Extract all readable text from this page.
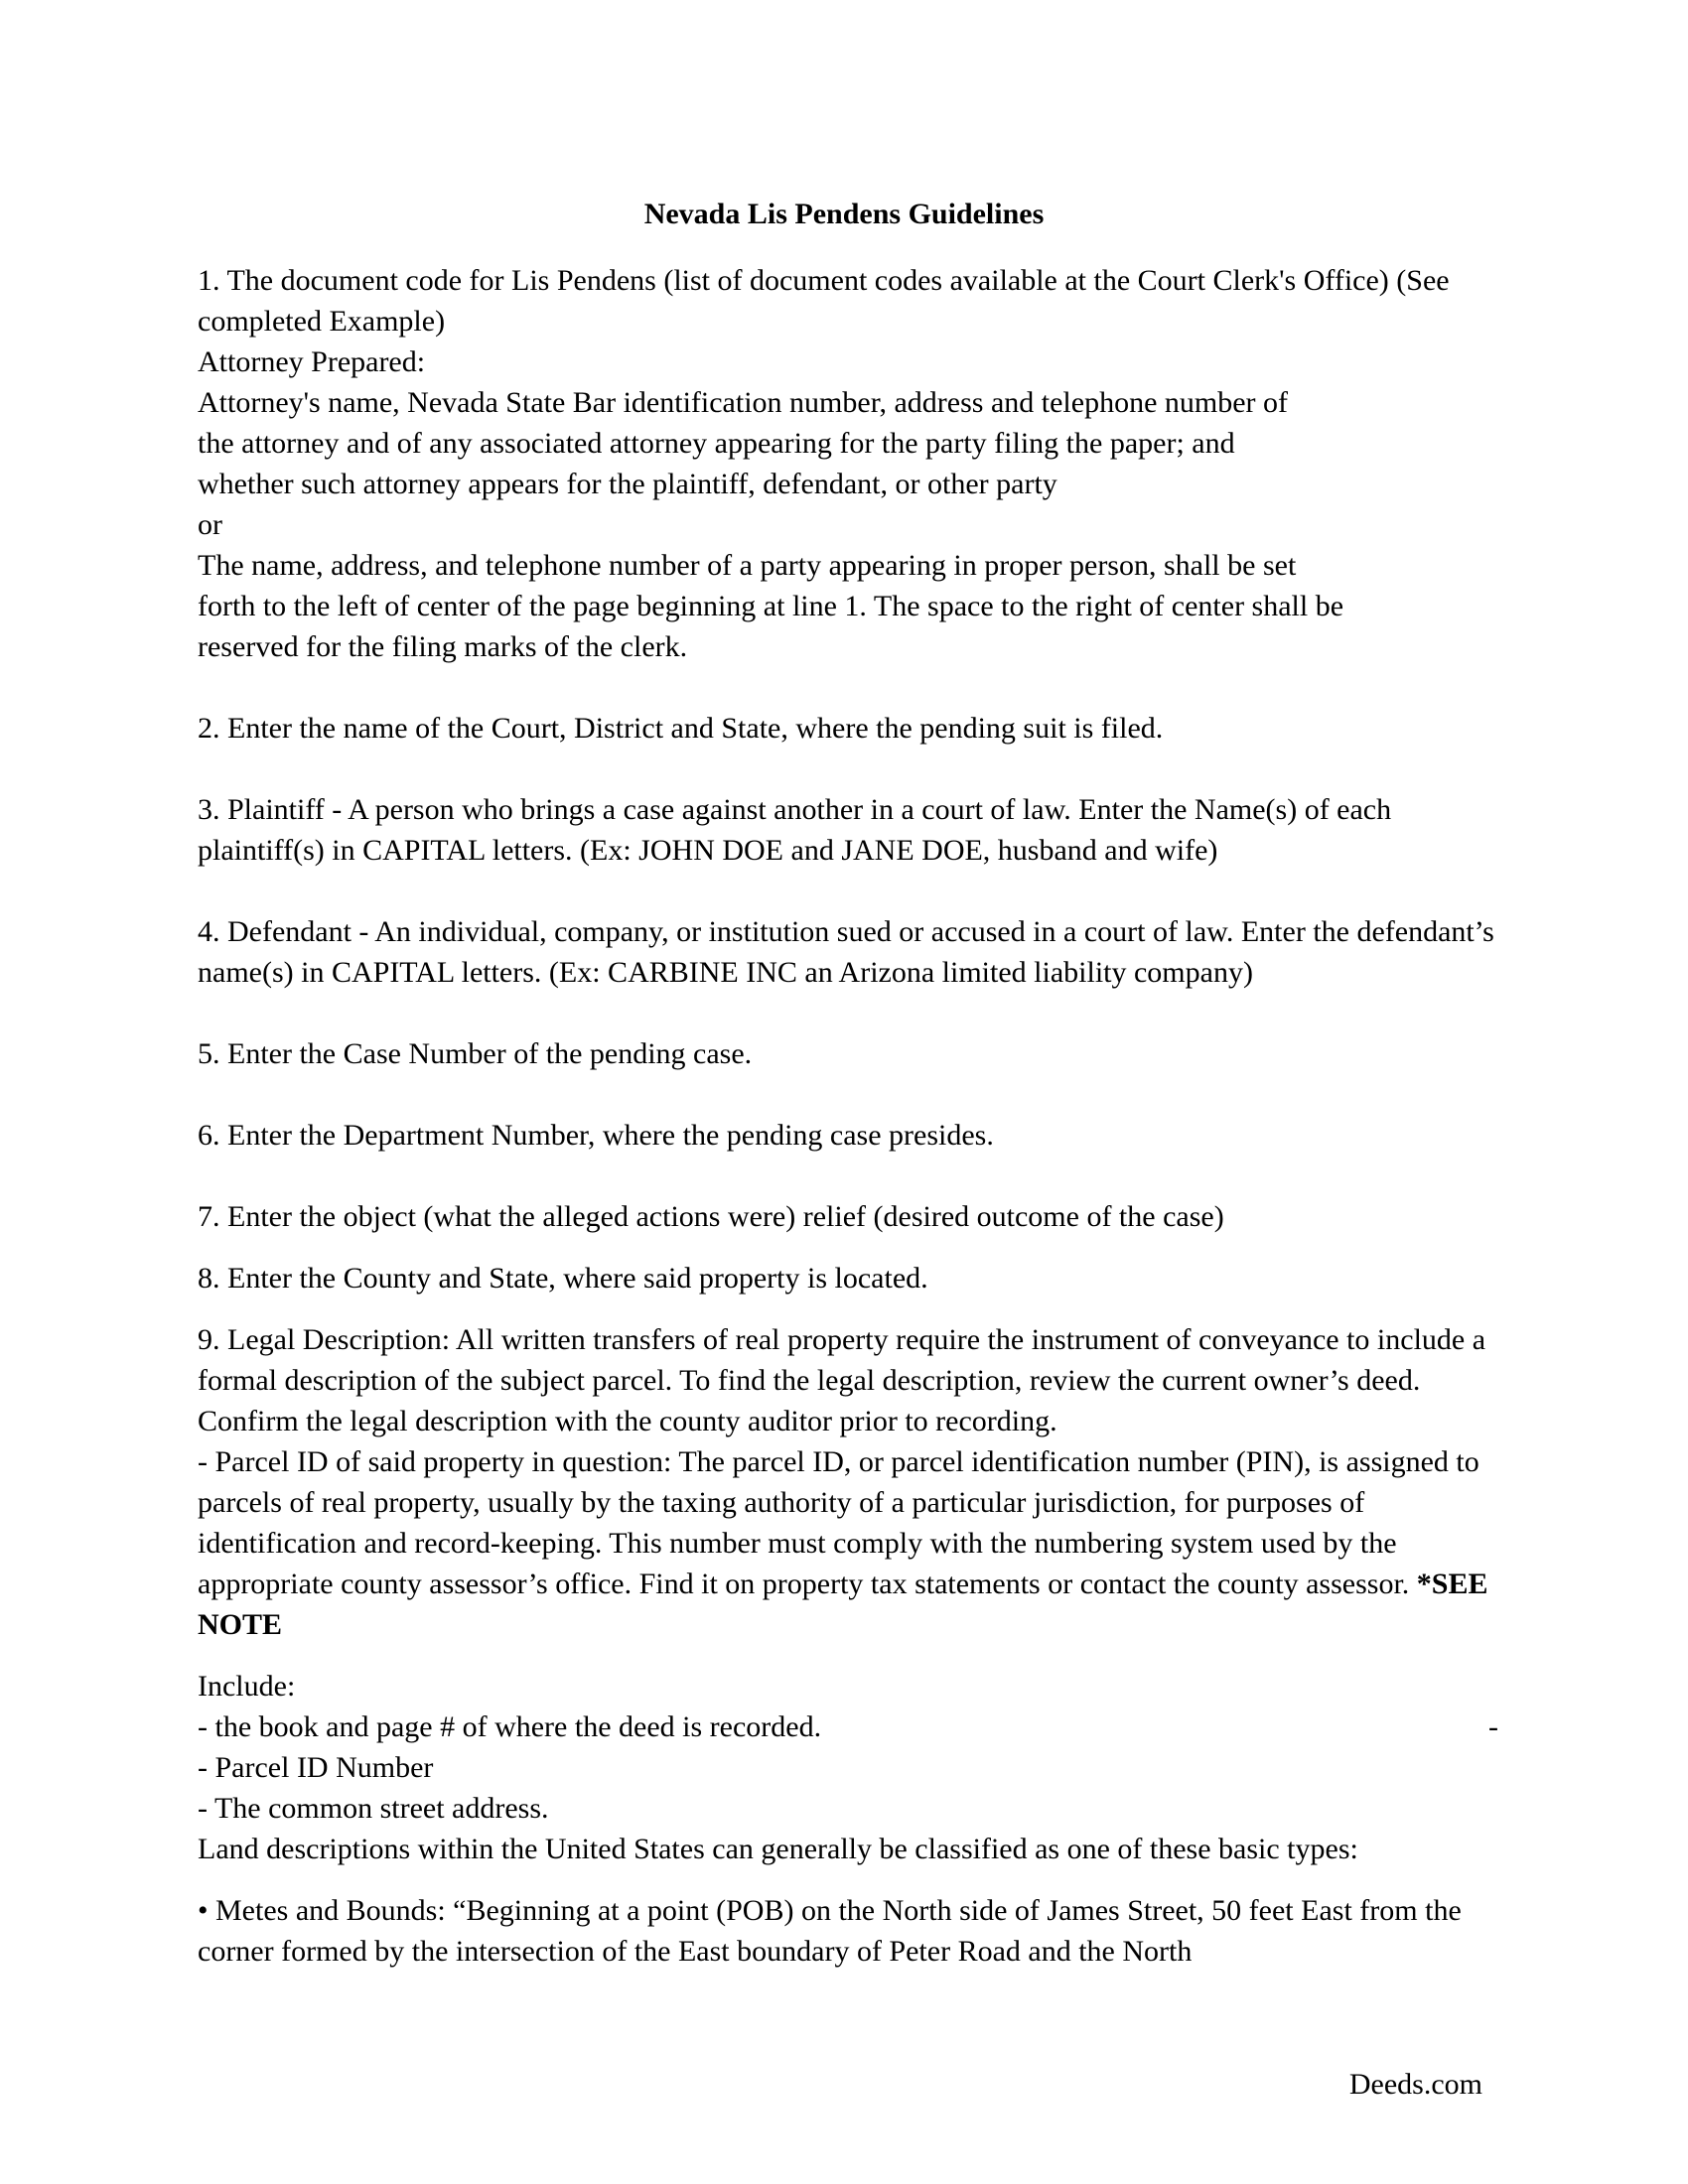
Nevada Lis Pendens Guidelines

1. The document code for Lis Pendens (list of document codes available at the Court Clerk's Office) (See completed Example)

Attorney Prepared:

Attorney's name, Nevada State Bar identification number, address and telephone number of the attorney and of any associated attorney appearing for the party filing the paper; and whether such attorney appears for the plaintiff, defendant, or other party

or

The name, address, and telephone number of a party appearing in proper person, shall be set forth to the left of center of the page beginning at line 1. The space to the right of center shall be reserved for the filing marks of the clerk.

2. Enter the name of the Court, District and State, where the pending suit is filed.

3. Plaintiff - A person who brings a case against another in a court of law. Enter the Name(s) of each plaintiff(s) in CAPITAL letters. (Ex: JOHN DOE and JANE DOE, husband and wife)

4. Defendant - An individual, company, or institution sued or accused in a court of law. Enter the defendant’s name(s) in CAPITAL letters. (Ex: CARBINE INC an Arizona limited liability company)

5. Enter the Case Number of the pending case.

6. Enter the Department Number, where the pending case presides.

7. Enter the object (what the alleged actions were) relief (desired outcome of the case)

8. Enter the County and State, where said property is located.

9. Legal Description: All written transfers of real property require the instrument of conveyance to include a formal description of the subject parcel. To find the legal description, review the current owner’s deed. Confirm the legal description with the county auditor prior to recording.

- Parcel ID of said property in question: The parcel ID, or parcel identification number (PIN), is assigned to parcels of real property, usually by the taxing authority of a particular jurisdiction, for purposes of identification and record-keeping. This number must comply with the numbering system used by the appropriate county assessor’s office. Find it on property tax statements or contact the county assessor. *SEE NOTE

Include:

- the book and page # of where the deed is recorded.	-

- Parcel ID Number

- The common street address.

Land descriptions within the United States can generally be classified as one of these basic types:

• Metes and Bounds: “Beginning at a point (POB) on the North side of James Street, 50 feet East from the corner formed by the intersection of the East boundary of Peter Road and the North

Deeds.com
